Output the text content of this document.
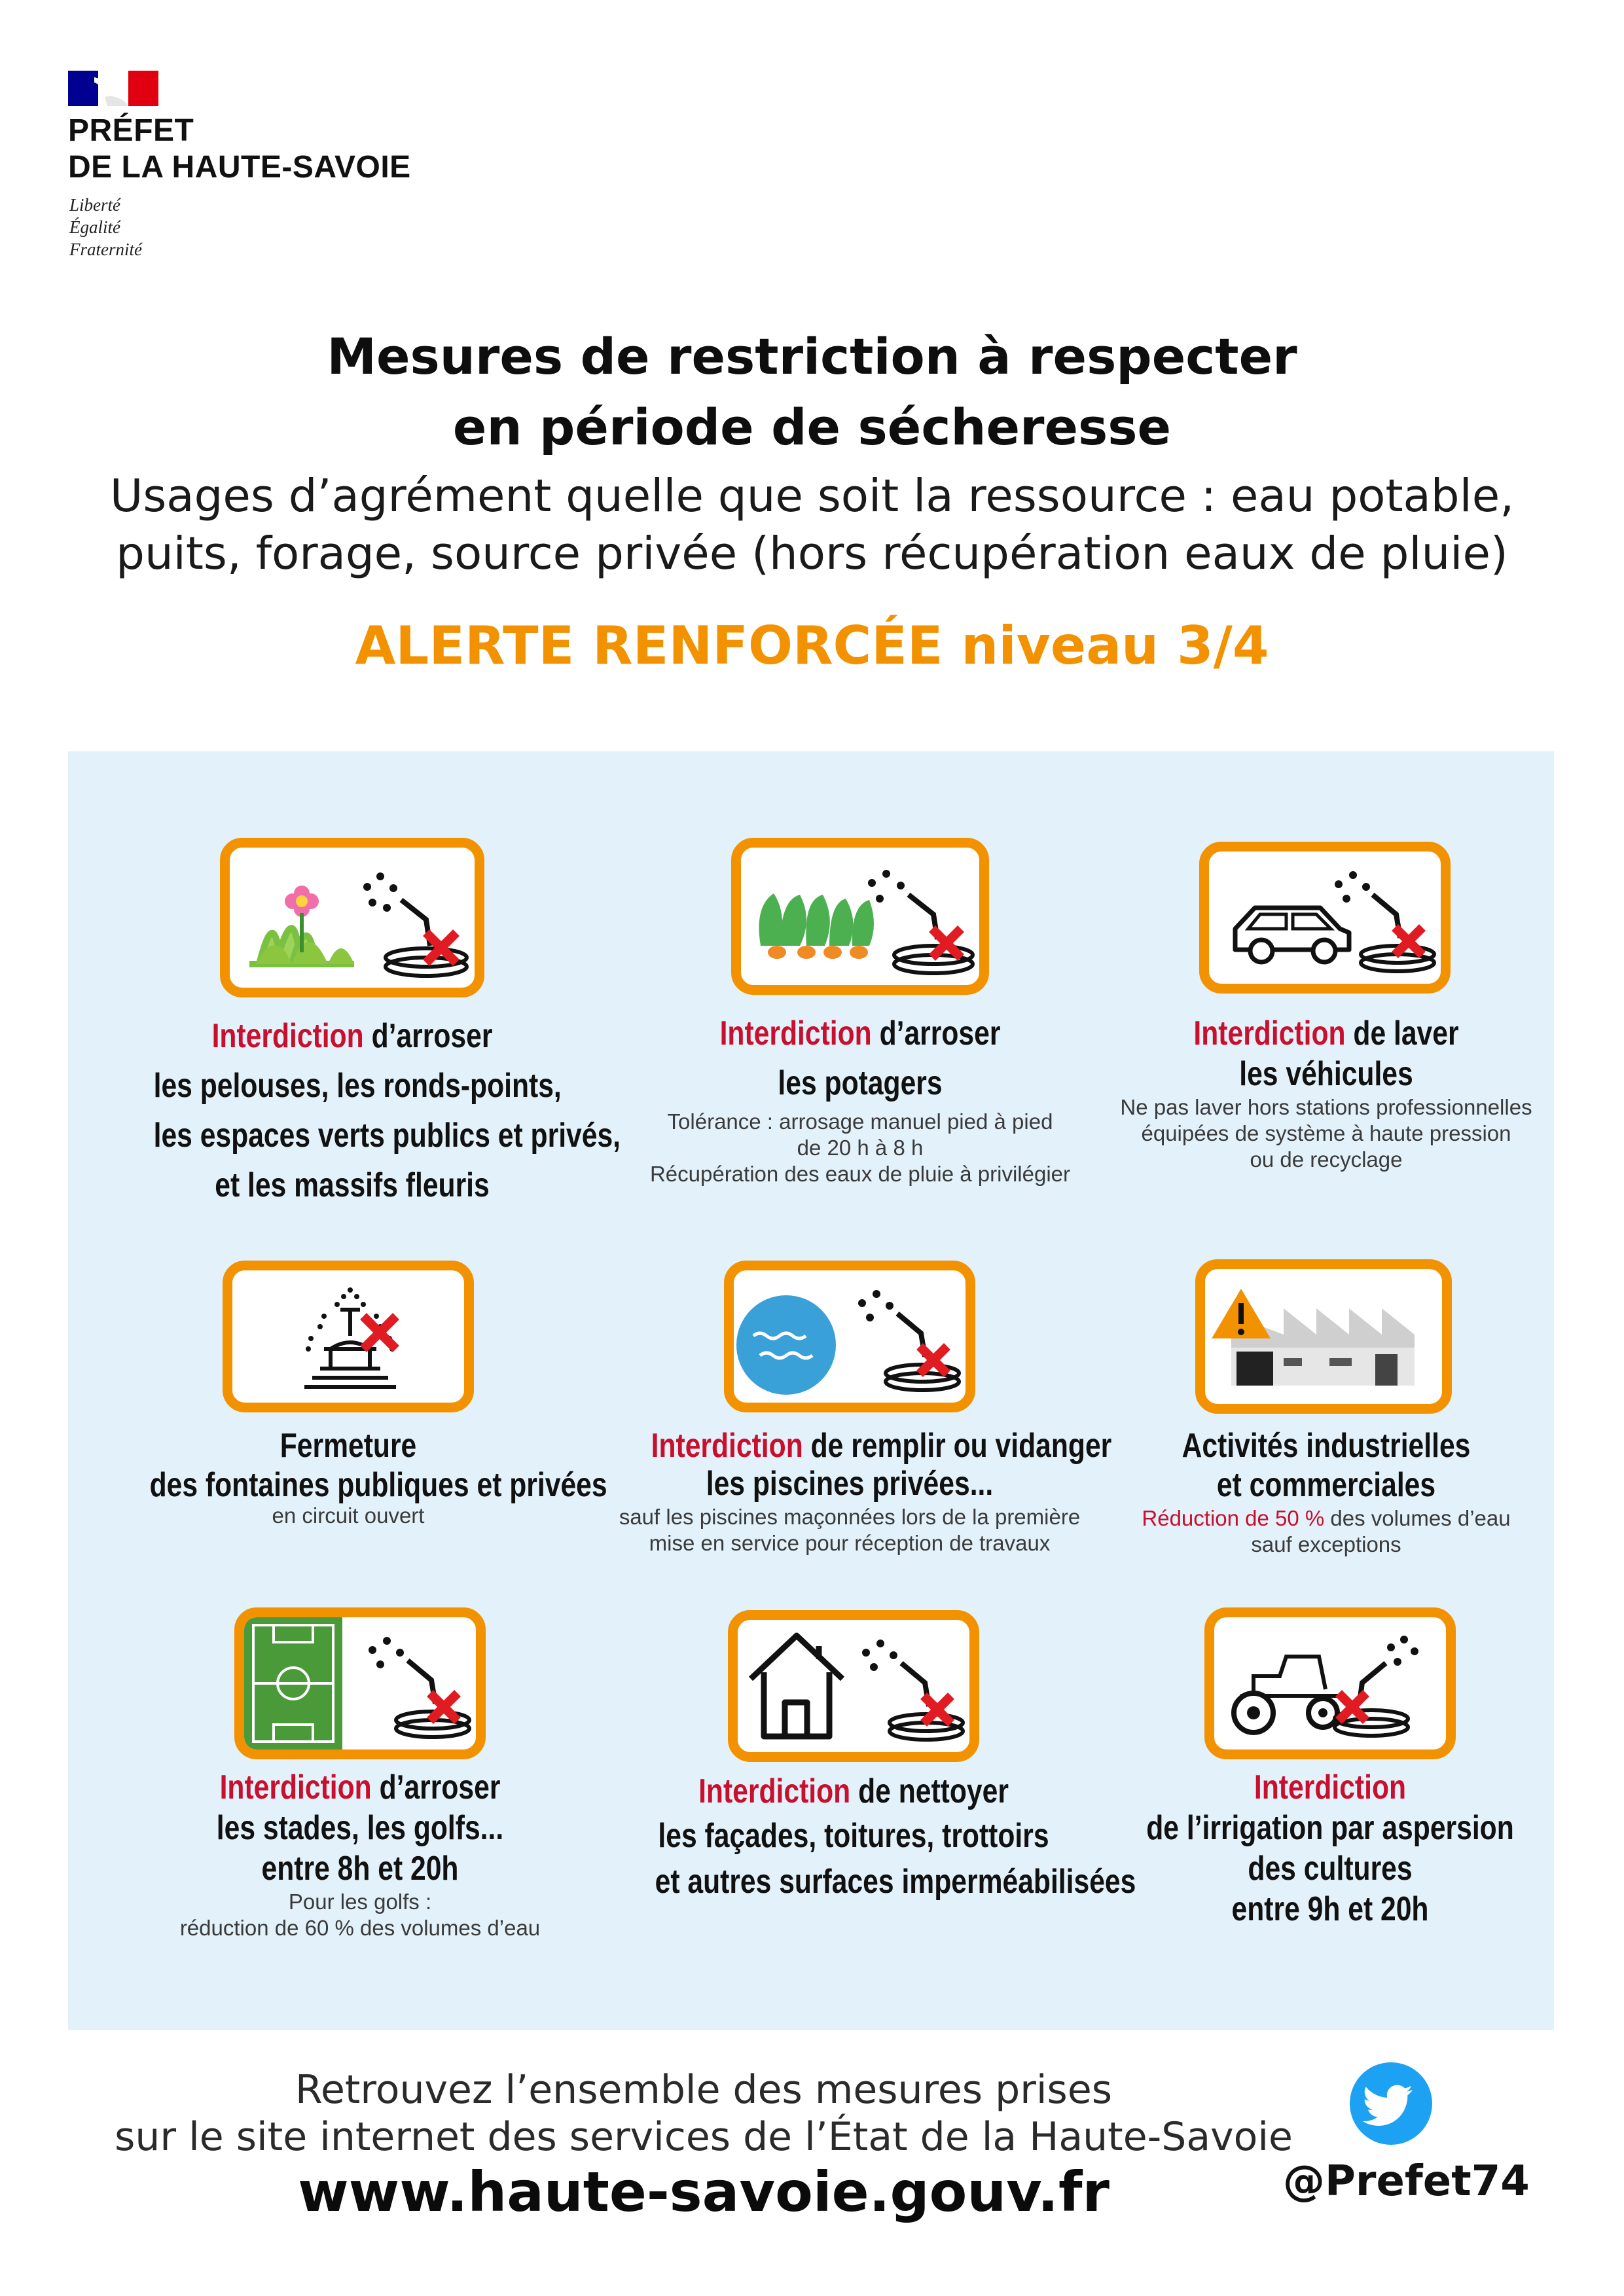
PRÉFET
DE LA HAUTE-SAVOIE
Liberté
Égalité
Fraternité
Mesures de restriction à respecter
en période de sécheresse
Usages d’agrément quelle que soit la ressource : eau potable,
puits, forage, source privée (hors récupération eaux de pluie)
ALERTE RENFORCÉE niveau 3/4
Interdiction d’arroser
les pelouses, les ronds-points,
les espaces verts publics et privés,
et les massifs fleuris
Interdiction d’arroser
les potagers
Tolérance : arrosage manuel pied à pied
de 20 h à 8 h
Récupération des eaux de pluie à privilégier
Interdiction de laver
les véhicules
Ne pas laver hors stations professionnelles
équipées de système à haute pression
ou de recyclage
Fermeture
des fontaines publiques et privées
en circuit ouvert
Interdiction de remplir ou vidanger
les piscines privées...
sauf les piscines maçonnées lors de la première
mise en service pour réception de travaux
Activités industrielles
et commerciales
Réduction de 50 % des volumes d’eau
sauf exceptions
Interdiction d’arroser
les stades, les golfs...
entre 8h et 20h
Pour les golfs :
réduction de 60 % des volumes d’eau
Interdiction de nettoyer
les façades, toitures, trottoirs
et autres surfaces imperméabilisées
Interdiction
de l’irrigation par aspersion
des cultures
entre 9h et 20h
Retrouvez l’ensemble des mesures prises
sur le site internet des services de l’État de la Haute-Savoie
www.haute-savoie.gouv.fr	@Prefet74
